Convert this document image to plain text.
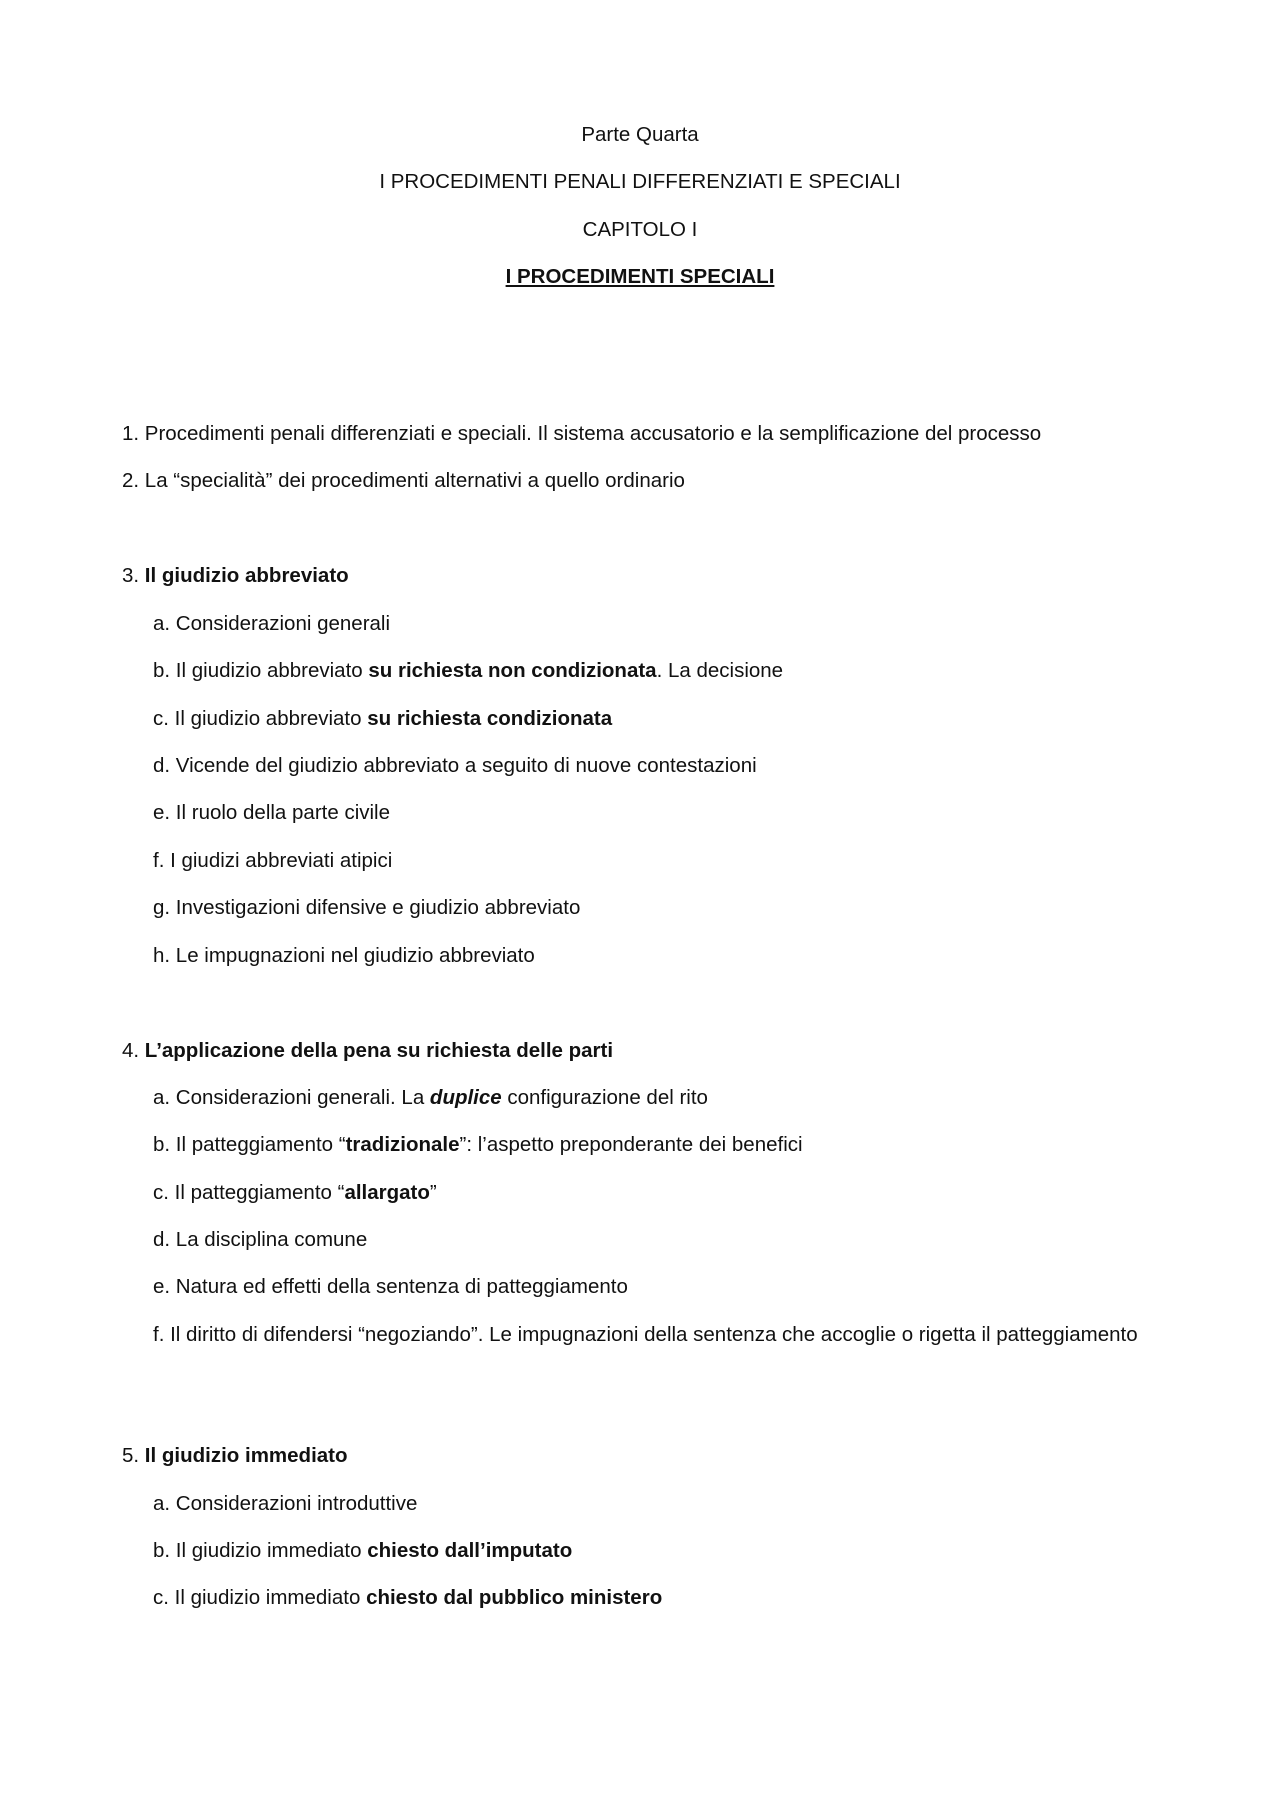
Parte Quarta
I PROCEDIMENTI PENALI DIFFERENZIATI E SPECIALI
CAPITOLO I
I PROCEDIMENTI SPECIALI
1. Procedimenti penali differenziati e speciali. Il sistema accusatorio e la semplificazione del processo
2. La “specialità” dei procedimenti alternativi a quello ordinario
3. Il giudizio abbreviato
a. Considerazioni generali
b. Il giudizio abbreviato su richiesta non condizionata. La decisione
c. Il giudizio abbreviato su richiesta condizionata
d. Vicende del giudizio abbreviato a seguito di nuove contestazioni
e. Il ruolo della parte civile
f. I giudizi abbreviati atipici
g. Investigazioni difensive e giudizio abbreviato
h. Le impugnazioni nel giudizio abbreviato
4. L’applicazione della pena su richiesta delle parti
a. Considerazioni generali. La duplice configurazione del rito
b. Il patteggiamento “tradizionale”: l’aspetto preponderante dei benefici
c. Il patteggiamento “allargato”
d. La disciplina comune
e. Natura ed effetti della sentenza di patteggiamento
f. Il diritto di difendersi “negoziando”. Le impugnazioni della sentenza che accoglie o rigetta il patteggiamento
5. Il giudizio immediato
a. Considerazioni introduttive
b. Il giudizio immediato chiesto dall’imputato
c. Il giudizio immediato chiesto dal pubblico ministero
